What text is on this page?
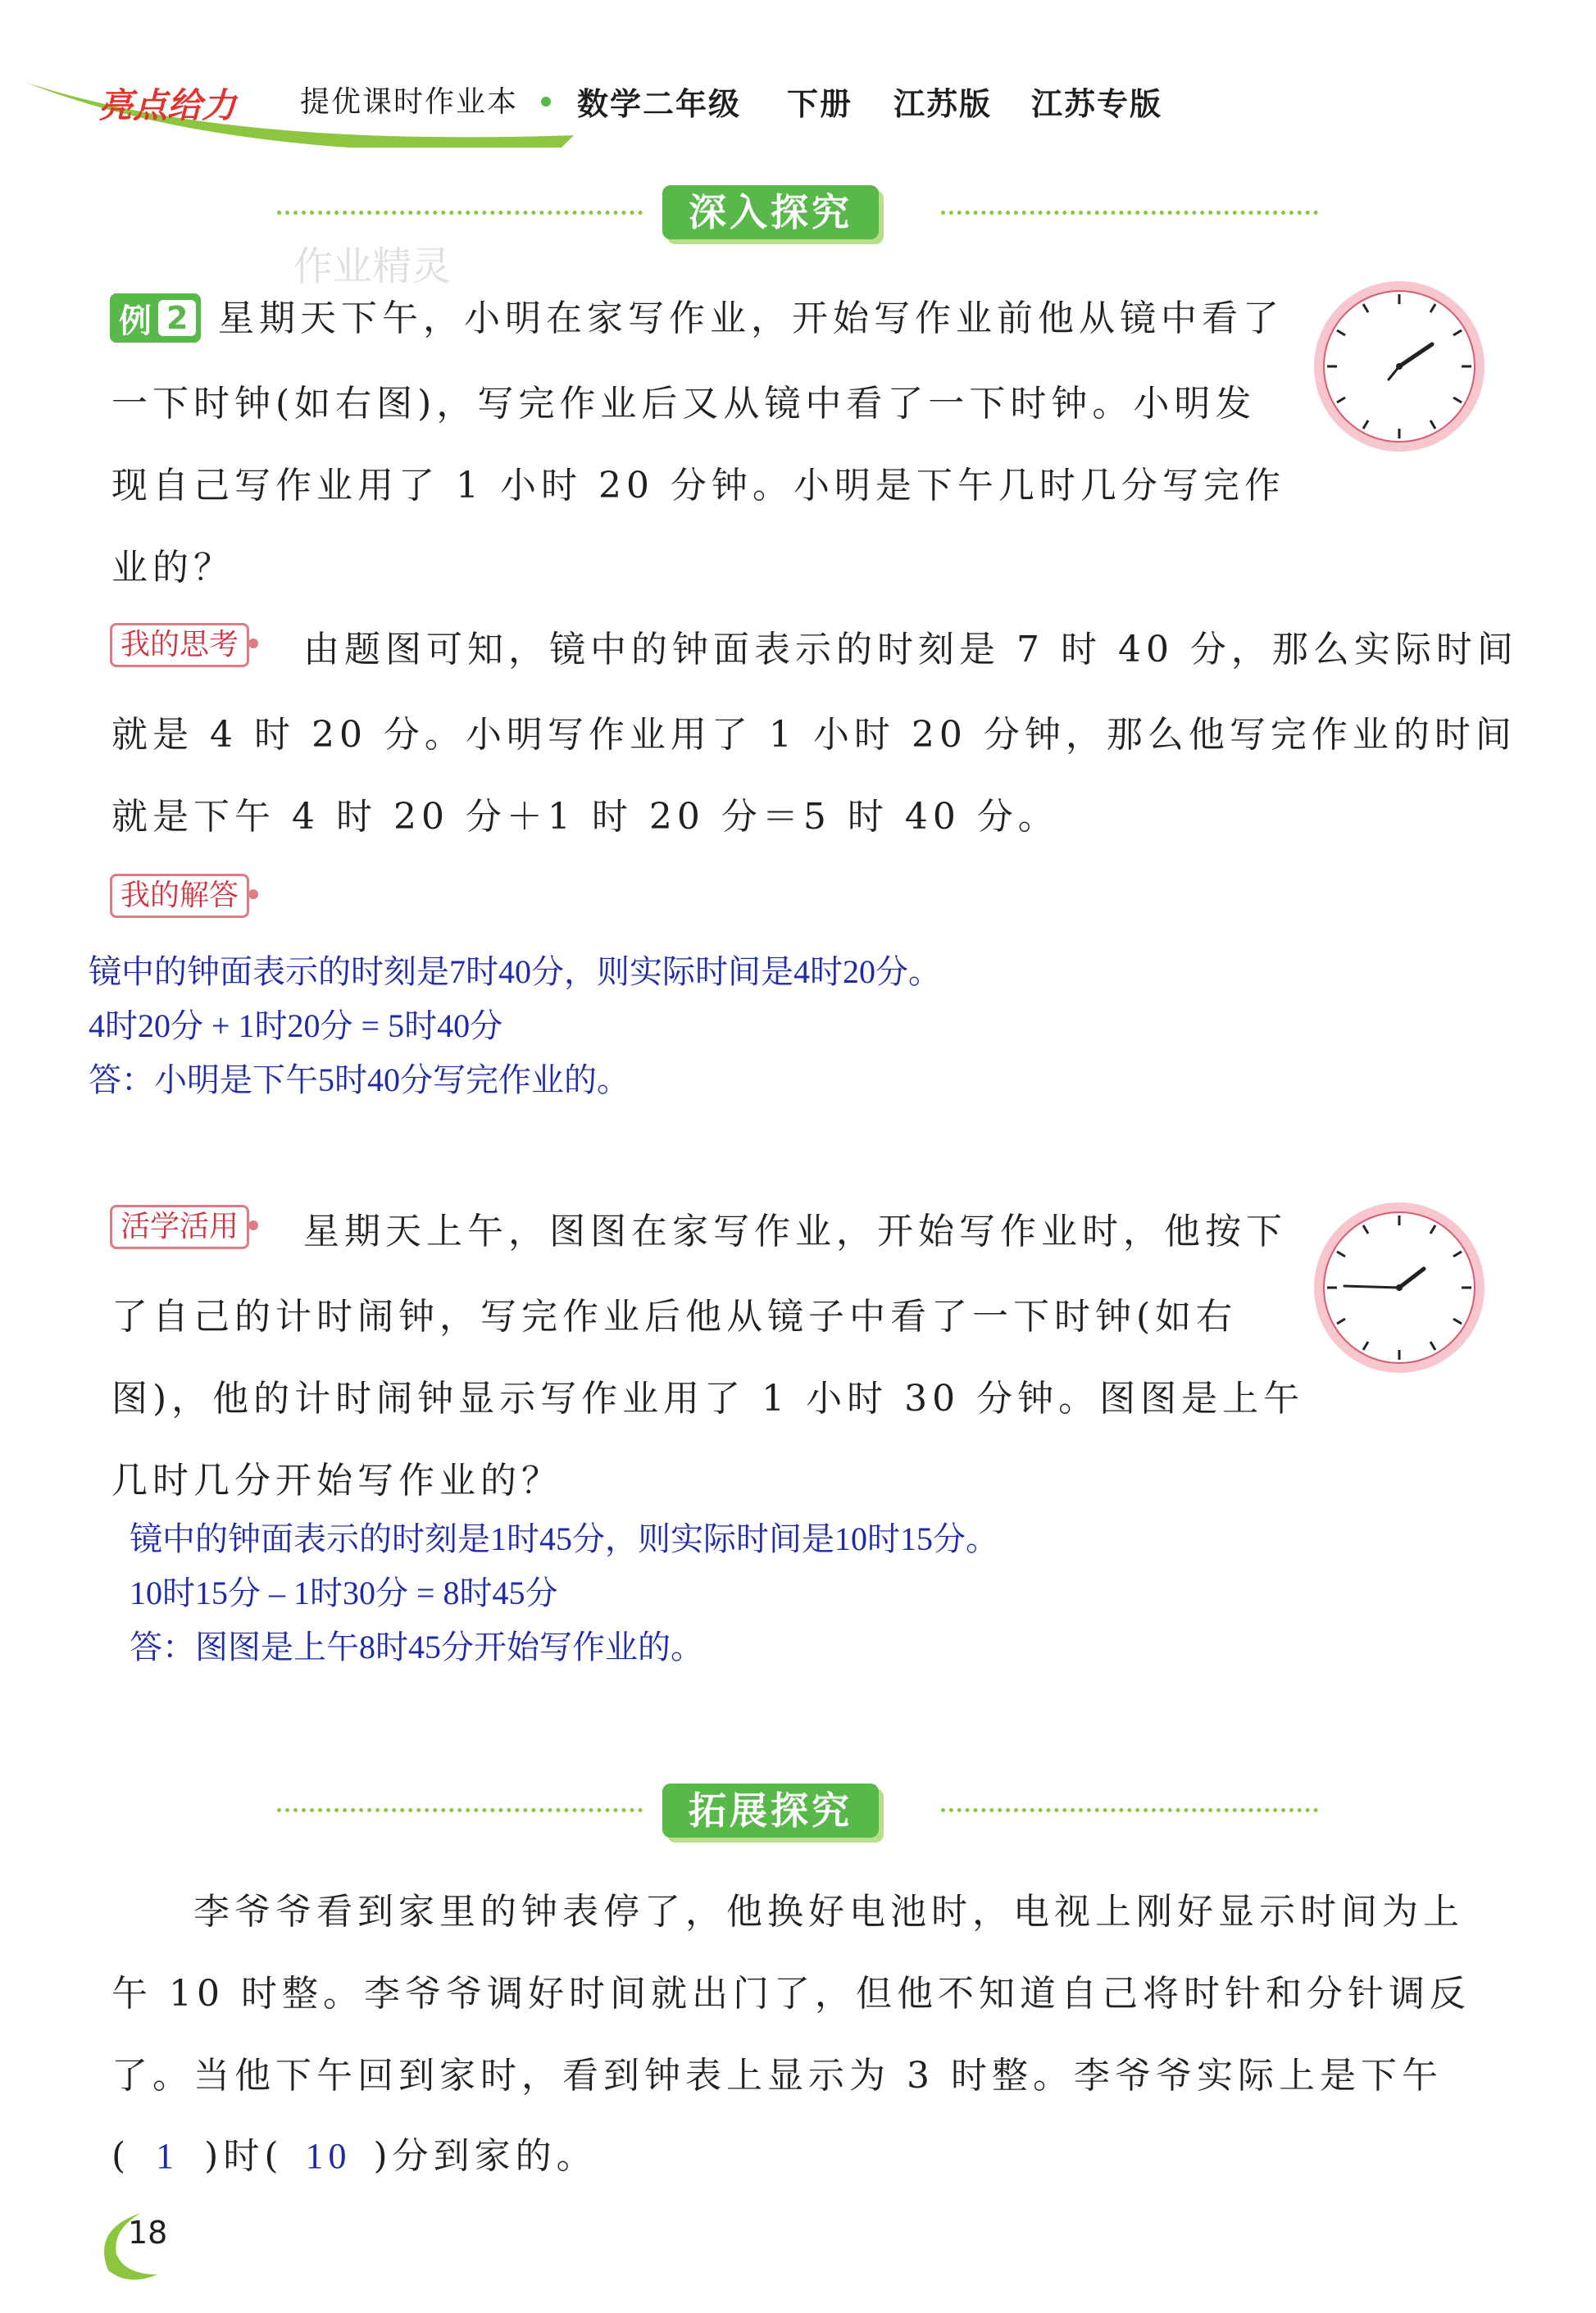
亮点给力 提优课时作业本 数学二年级 下册 江苏版 江苏专版
深入探究
作业精灵
例 2 星期天下午，小明在家写作业，开始写作业前他从镜中看了
一下时钟(如右图)，写完作业后又从镜中看了一下时钟。小明发
现自己写作业用了 1 小时 20 分钟。小明是下午几时几分写完作
业的？
我的思考 由题图可知，镜中的钟面表示的时刻是 7 时 40 分，那么实际时间
就是 4 时 20 分。小明写作业用了 1 小时 20 分钟，那么他写完作业的时间
就是下午 4 时 20 分＋1 时 20 分＝5 时 40 分。
我的解答
镜中的钟面表示的时刻是7时40分，则实际时间是4时20分。
4时20分 + 1时20分 = 5时40分
答：小明是下午5时40分写完作业的。
活学活用 星期天上午，图图在家写作业，开始写作业时，他按下
了自己的计时闹钟，写完作业后他从镜子中看了一下时钟(如右
图)，他的计时闹钟显示写作业用了 1 小时 30 分钟。图图是上午
几时几分开始写作业的？
镜中的钟面表示的时刻是1时45分，则实际时间是10时15分。
10时15分 – 1时30分 = 8时45分
答：图图是上午8时45分开始写作业的。
拓展探究
李爷爷看到家里的钟表停了，他换好电池时，电视上刚好显示时间为上
午 10 时整。李爷爷调好时间就出门了，但他不知道自己将时针和分针调反
了。当他下午回到家时，看到钟表上显示为 3 时整。李爷爷实际上是下午
( 1 )时( 10 )分到家的。
18
